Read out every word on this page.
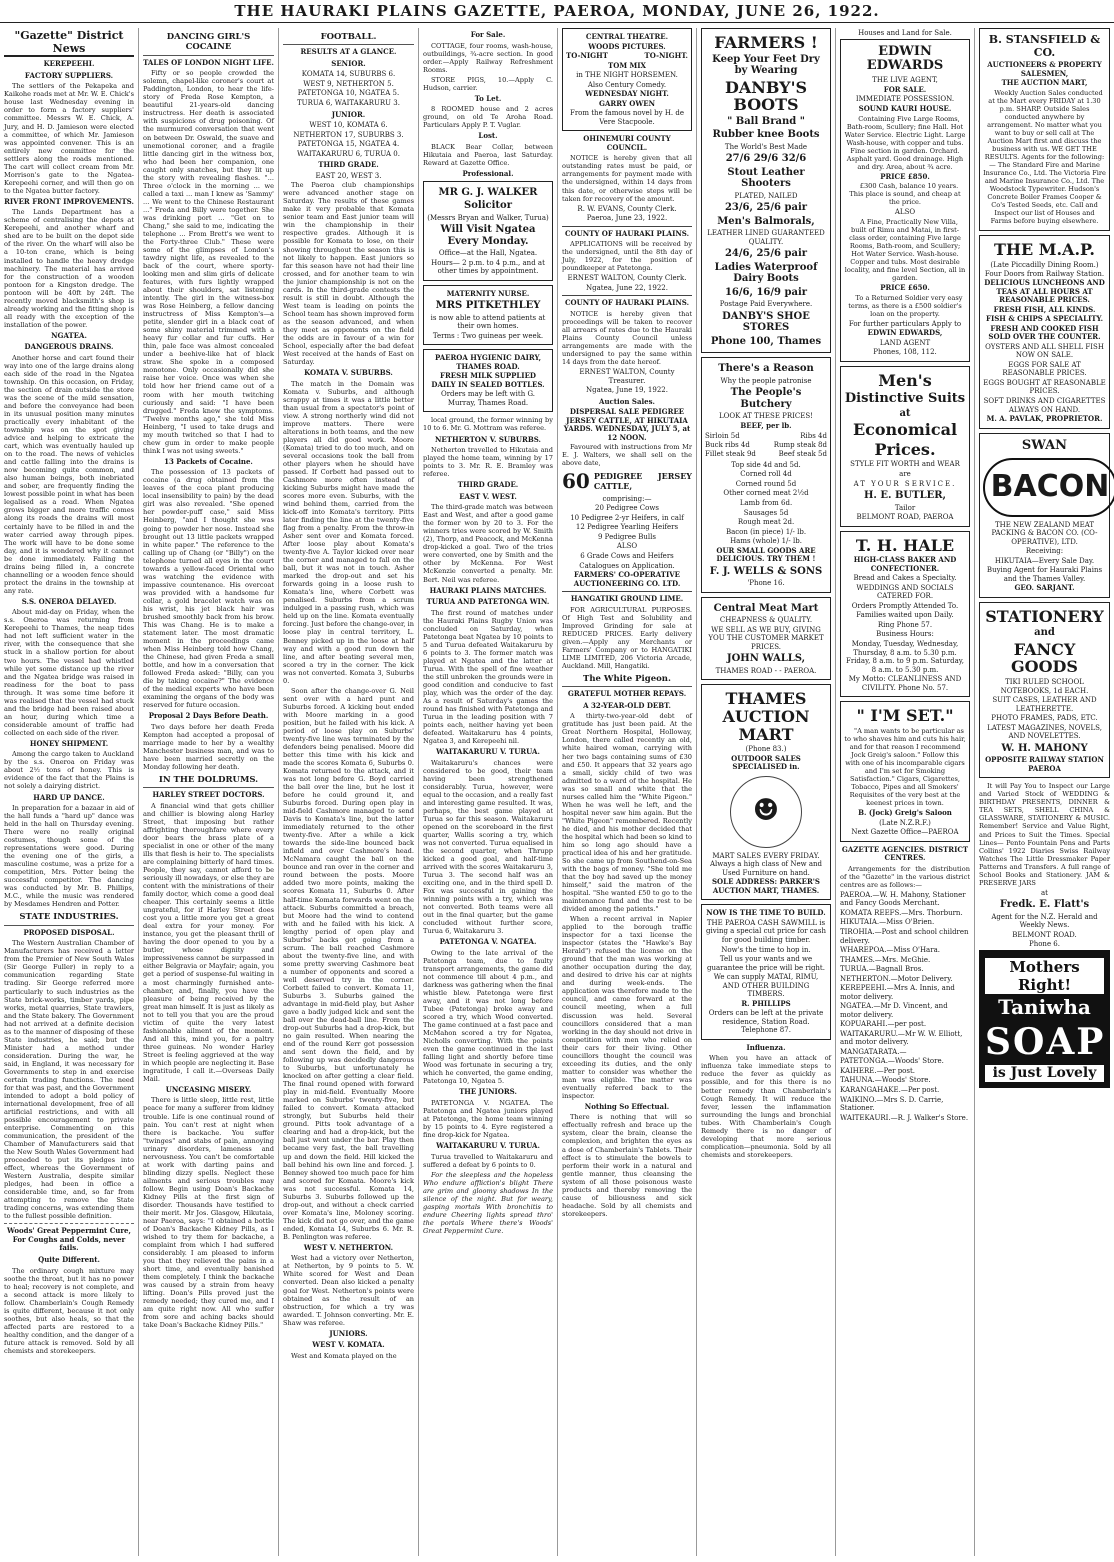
THE HAURAKI PLAINS GAZETTE, PAEROA, MONDAY, JUNE 26, 1922.
"Gazette" District News
KEREPEEHI.
FACTORY SUPPLIERS.

The settlers of the Pekapeka and Kaikohe roads met at Mr. W. E. Chick's house last Wednesday evening in order to form a factory suppliers' committee. Messrs W. E. Chick, A. Jury, and H. D. Jamieson were elected a committee, of which Mr. Jamieson was appointed convener. This is an entirely new committee for the settlers along the roads mentioned. The cart will collect cream from Mr. Morrison's gate to the Ngatea-Kerepeehi corner, and will then go on to the Ngatea butter factory.

RIVER FRONT IMPROVEMENTS.

The Lands Department has a scheme of centralising the depots at Kerepeehi, and another wharf and shed are to be built on the depot side of the river. On the wharf will also be a 10-ton crane, which is being installed to handle the heavy dredge machinery. The material has arrived for the construction of a wooden pontoon for a Kingston dredge. The pontoon will be 40ft by 24ft. The recently moved blacksmith's shop is already working and the fitting shop is all ready with the exception of the installation of the power.

NGATEA.
DANGEROUS DRAINS.

Another horse and cart found their way into one of the large drains along each side of the road in the Ngatea township. On this occasion, on Friday, the section of drain outside the store was the scene of the mild sensation, and before the conveyance had been in its unusual position many minutes practically every inhabitant of the township was on the spot giving advice and helping to extricate the cart, which was eventually hauled up on to the road. The news of vehicles and cattle falling into the drains is now becoming quite common, and also human beings, both inebriated and sober, are frequently finding the lowest possible point in what has been legalised as a road. When Ngatea grows bigger and more traffic comes along its roads the drains will most certainly have to be filled in and the water carried away through pipes. The work will have to be done some day, and it is wondered why it cannot be done immediately. Failing the drains being filled in, a concrete channelling or a wooden fence should protect the drains in the township at any rate.

S.S. ONEROA DELAYED.

About mid-day on Friday, when the s.s. Oneroa was returning from Kerepeehi to Thames, the neap tides had not left sufficient water in the river, with the consequence that she stuck in a shallow portion for about two hours. The vessel had whistled while yet some distance up the river and the Ngatea bridge was raised in readiness for the boat to pass through. It was some time before it was realised that the vessel had stuck and the bridge had been raised about an hour, during which time a considerable amount of traffic had collected on each side of the river.

HONEY SHIPMENT.

Among the cargo taken to Auckland by the s.s. Oneroa on Friday was about 2½ tons of honey. This is evidence of the fact that the Plains is not solely a dairying district.

HARD UP DANCE.

In preparation for a bazaar in aid of the hall funds a "hard up" dance was held in the hall on Thursday evening. There were no really original costumes, though some of the representations were good. During the evening one of the girls, a masculine costume, was a prize for a competition, Mrs. Potter being the successful competitor. The dancing was conducted by Mr. B. Phillips, M.C., while the music was rendered by Mesdames Hendren and Potter.

STATE INDUSTRIES.
PROPOSED DISPOSAL.

The Western Australian Chamber of Manufacturers has received a letter from the Premier of New South Wales (Sir George Fuller) in reply to a communication regarding State trading. Sir George referred more particularly to such industries as the State brick-works, timber yards, pipe works, metal quarries, State trawlers, and the State bakery. The Government had not arrived at a definite decision as to the manner of disposing of these State industries, he said; but the Minister had a method under consideration. During the war, he said, in England, it was necessary for Governments to step in and exercise certain trading functions. The need for that was past, and the Government intended to adopt a bold policy of international development, free of all artificial restrictions, and with all possible encouragement to private enterprise. Commenting on this communication, the president of the Chamber of Manufacturers said that the New South Wales Government had proceeded to put its pledges into effect, whereas the Government of Western Australia, despite similar pledges, had been in office a considerable time, and, so far from attempting to remove the State trading concerns, was extending them to the fullest possible definition.

Woods' Great Peppermint Cure, For Coughs and Colds, never fails.
Quite Different.

The ordinary cough mixture may soothe the throat, but it has no power to heal; recovery is not complete, and a second attack is more likely to follow. Chamberlain's Cough Remedy is quite different, because it not only soothes, but also heals, so that the affected parts are restored to a healthy condition, and the danger of a future attack is removed. Sold by all chemists and storekeepers.

DANCING GIRL'S COCAINE
TALES OF LONDON NIGHT LIFE.

Fifty or so people crowded the solemn, chapel-like coroner's court at Paddington, London, to hear the life-story of Freda Rose Kempton, a beautiful 21-years-old dancing instructress. Her death is associated with suspicions of drug poisoning. Of the murmured conversation that went on between Dr. Oswald, the suave and unemotional coroner, and a fragile little dancing girl in the witness box, who had been her companion, one caught only snatches, but they lit up the story with revealing flashes. "... Three o'clock in the morning ... we called a taxi ... man I knew as 'Sammy' ... We went to the Chinese Restaurant ..." Freda and Billy were together. She was drinking port ... "Get on to Chang," she said to me, indicating the telephone ... From Brett's we went to the Forty-three Club." These were some of the glimpses of London's tawdry night life, as revealed to the back of the court, where sporty-looking men and slim girls of delicate features, with furs lightly wrapped about their shoulders, sat listening intently. The girl in the witness-box was Rose Heinberg, a fellow dancing instructress of Miss Kempton's—a petite, slender girl in a black coat of some shiny material trimmed with a heavy fur collar and fur cuffs. Her thin, pale face was almost concealed under a beehive-like hat of black straw. She spoke in a composed monotone. Only occasionally did she raise her voice. Once was when she told how her friend came out of a room with her mouth twitching curiously and said: "I have been drugged." Freda knew the symptoms. "Twelve months ago," she told Miss Heinberg, "I used to take drugs and my mouth twitched so that I had to chew gum in order to make people think I was not using sweets."

13 Packets of Cocaine.

The possession of 13 packets of cocaine (a drug obtained from the leaves of the coca plant producing local insensibility to pain) by the dead girl was also revealed. "She opened her powder-puff case," said Miss Heinberg, "and I thought she was going to powder her nose. Instead she brought out 13 little packets wrapped in white paper." The reference to the calling up of Chang (or "Billy") on the telephone turned all eyes in the court towards a yellow-faced Oriental who was watching the evidence with impassive countenance. His overcoat was provided with a handsome fur collar, a gold bracelet watch was on his wrist, his jet black hair was brushed smoothly back from his brow. This was Chang. He is to make a statement later. The most dramatic moment in the proceedings came when Miss Heinberg told how Chang, the Chinese, had given Freda a small bottle, and how in a conversation that followed Freda asked: "Billy, can you die by taking cocaine?" The evidence of the medical experts who have been examining the organs of the body was reserved for future occasion.

Proposal 2 Days Before Death.

Two days before her death Freda Kempton had accepted a proposal of marriage made to her by a wealthy Manchester business man, and was to have been married secretly on the Monday following her death.

IN THE DOLDRUMS.
HARLEY STREET DOCTORS.

A financial wind that gets chillier and chillier is blowing along Harley Street, that imposing but rather affrighting thoroughfare where every door bears the brass plate of a specialist in one or other of the many ills that flesh is heir to. The specialists are complaining bitterly of hard times. People, they say, cannot afford to be seriously ill nowadays, or else they are content with the ministrations of their family doctor, which come a good deal cheaper. This certainly seems a little ungrateful, for if Harley Street does cost you a little more you get a great deal extra for your money. For instance, you get the pleasant thrill of having the door opened to you by a butler, whose dignity and impressiveness cannot be surpassed in either Belgravia or Mayfair; again, you get a period of suspense-ful waiting in a most charmingly furnished ante-chamber, and, finally, you have the pleasure of being received by the great man himself. It is just as likely as not to tell you that you are the proud victim of quite the very latest fashionable ailment of the moment. And all this, mind you, for a paltry three guineas. No wonder Harley Street is feeling aggrieved at the way in which people are neglecting it. Base ingratitude, I call it.—Overseas Daily Mail.

UNCEASING MISERY.

There is little sleep, little rest, little peace for many a sufferer from kidney trouble. Life is one continual round of pain. You can't rest at night when there is backache. You suffer "twinges" and stabs of pain, annoying urinary disorders, lameness and nervousness. You can't be comfortable at work with darting pains and blinding dizzy spells. Neglect these ailments and serious troubles may follow. Begin using Doan's Backache Kidney Pills at the first sign of disorder. Thousands have testified to their merit. Mr Jos. Glasgow, Hikutaia, near Paeroa, says: "I obtained a bottle of Doan's Backache Kidney Pills, as I wished to try them for backache, a complaint from which I had suffered considerably. I am pleased to inform you that they relieved the pains in a short time, and eventually banished them completely. I think the backache was caused by a strain from heavy lifting. Doan's Pills proved just the remedy needed; they cured me, and I am quite right now. All who suffer from sore and aching backs should take Doan's Backache Kidney Pills."

FOOTBALL.
RESULTS AT A GLANCE.
SENIOR.
KOMATA 14, SUBURBS 6.
WEST 9, NETHERTON 5.
PATETONGA 10, NGATEA 5.
TURUA 6, WAITAKARURU 3.
JUNIOR.
WEST 10, KOMATA 6.
NETHERTON 17, SUBURBS 3.
PATETONGA 15, NGATEA 4.
WAITAKARURU 6, TURUA 0.
THIRD GRADE.
EAST 20, WEST 3.

The Paeroa club championships were advanced another stage on Saturday. The results of these games make it very probable that Komata senior team and East junior team will win the championship in their respective grades. Although it is possible for Komata to lose, on their showing throughout the season this is not likely to happen. East juniors so far this season have not had their line crossed, and for another team to win the junior championship is not on the cards. In the third-grade contests the result is still in doubt. Although the West team is leading on points the School team has shown improved form as the season advanced, and when they meet as opponents on the field the odds are in favour of a win for School, especially after the bad defeat West received at the hands of East on Saturday.

KOMATA V. SUBURBS.

The match in the Domain was Komata v. Suburbs, and although scrappy at times it was a little better than usual from a spectator's point of view. A strong northerly wind did not improve matters. There were alterations in both teams, and the new players all did good work. Moore (Komata) tried to do too much, and on several occasions took the ball from other players when he should have passed. If Corbett had passed out to Cashmore more often instead of kicking Suburbs might have made the scores more even. Suburbs, with the wind behind them, carried from the kick-off into Komata's territory. Pitts later finding the line at the twenty-five flag from a penalty. From the throw-in Asher sent over and Komata forced. After loose play about Komata's twenty-five A. Taylor kicked over near the corner and managed to fall on the ball, but it was not in touch. Asher marked the drop-out and set his forwards going in a loose rush to Komata's line, where Corbett was penalised. Suburbs from a scrum indulged in a passing rush, which was held up on the line. Komata eventually forcing. Just before the change-over, in loose play in central territory, L. Benney picked up in the loose at half way and with a good run down the line, and after beating several men, scored a try in the corner. The kick was not converted. Komata 3, Suburbs 0.

Soon after the change-over G. Neil sent over with a hard punt and Suburbs forced. A kicking bout ended with Moore marking in a good position, but he failed with his kick. A period of loose play on Suburbs' twenty-five line was terminated by the defenders being penalised. Moore did better this time with his kick and made the scores Komata 6, Suburbs 0. Komata returned to the attack, and it was not long before G. Boyd carried the ball over the line, but he lost it before he could ground it, and Suburbs forced. During open play in mid-field Cashmore managed to send Davis to Komata's line, but the latter immediately returned to the other twenty-five. After a while a kick towards the side-line bounced back infield and over Cashmore's head. McNamara caught the ball on the bounce and ran over in the corner and round between the posts. Moore added two more points, making the scores Komata 11, Suburbs 0. After half-time Komata forwards went on the attack. Suburbs committed a breach, but Moore had the wind to contend with and he failed with his kick. A lengthy period of open play and Suburbs' backs got going from a scrum. The ball reached Cashmore about the twenty-five line, and with some pretty swerving Cashmore beat a number of opponents and scored a well deserved try in the corner. Corbett failed to convert. Komata 11, Suburbs 3. Suburbs gained the advantage in mid-field play, but Asher gave a badly judged kick and sent the ball over the dead-ball line. From the drop-out Suburbs had a drop-kick, but no gain resulted. When nearing the end of the round Kerr got possession and sent down the field, and by following up was decidedly dangerous to Suburbs, but unfortunately he knocked on after getting a clear field. The final round opened with forward play in mid-field. Eventually Moore marked on Suburbs' twenty-five, but failed to convert. Komata attacked strongly, but Suburbs held their ground. Pitts took advantage of a clearing and had a drop-kick, but the ball just went under the bar. Play then became very fast, the ball travelling up and down the field. Hill kicked the ball behind his own line and forced. J. Benney showed too much pace for him and scored for Komata. Moore's kick was not successful. Komata 14, Suburbs 3. Suburbs followed up the drop-out, and without a check carried over Komata's line, Moloney scoring. The kick did not go over, and the game ended, Komata 14, Suburbs 6. Mr. R. B. Penlington was referee.

WEST V. NETHERTON.

West had a victory over Netherton, at Netherton, by 9 points to 5. W. White scored for West and Dean converted. Dean also kicked a penalty goal for West. Netherton's points were obtained as the result of an obstruction, for which a try was awarded. T. Johnson converting. Mr. E. Shaw was referee.

JUNIORS.
WEST V. KOMATA.

West and Komata played on the

For Sale.

COTTAGE, four rooms, wash-house, outbuildings, ¾-acre section. In good order.—Apply Railway Refreshment Rooms.

STORE PIGS, 10.—Apply C. Hudson, carrier.

To Let.

8 ROOMED house and 2 acres ground, on old Te Aroha Road. Particulars Apply P. T. Vuglar.

Lost.

BLACK Bear Collar, between Hikutaia and Paeroa, last Saturday. Reward at Gazette Office.

Professional.
MR G. J. WALKER
Solicitor
(Messrs Bryan and Walker, Turua)
Will Visit Ngatea Every Monday.
Office—at the Hall, Ngatea.
Hours— 2 p.m. to 4 p.m., and at other times by appointment.
MATERNITY NURSE.
MRS PITKETHLEY
is now able to attend patients at their own homes.
Terms : Two guineas per week.
PAEROA HYGIENIC DAIRY, THAMES ROAD.
FRESH MILK SUPPLIED DAILY IN SEALED BOTTLES.
Orders may be left with G. Murray, Thames Road.

local ground, the former winning by 10 to 6. Mr. G. Mottram was referee.

NETHERTON V. SUBURBS.

Netherton travelled to Hikutaia and played the home team, winning by 17 points to 3. Mr. R. E. Bramley was referee.

THIRD GRADE.
EAST V. WEST.

The third-grade match was between East and West, and after a good game the former won by 20 to 3. For the winners tries were scored by W. Smith (2), Thorp, and Peacock, and McKenna drop-kicked a goal. Two of the tries were converted, one by Smith and the other by McKenna. For West McKenzie converted a penalty. Mr. Bert. Neil was referee.

HAURAKI PLAINS MATCHES.
TURUA AND PATETONGA WIN.

The first round of matches under the Hauraki Plains Rugby Union was concluded on Saturday, when Patetonga beat Ngatea by 10 points to 5 and Turua defeated Waitakaruru by 6 points to 3. The former match was played at Ngatea and the latter at Turua. With the spell of fine weather the still unbroken the grounds were in good condition and conducive to fast play, which was the order of the day. As a result of Saturday's games the round has finished with Patetonga and Turua in the leading position with 7 points each, neither having yet been defeated. Waitakaruru has 4 points, Ngatea 3, and Kerepeehi nil.

WAITAKARURU V. TURUA.

Waitakaruru's chances were considered to be good, their team having been strengthened considerably. Turua, however, were equal to the occasion, and a really fast and interesting game resulted. It was, perhaps, the best game played at Turua so far this season. Waitakaruru opened on the scoreboard in the first quarter, Wallis scoring a try, which was not converted. Turua equalised in the second quarter, when Thrupp kicked a good goal, and half-time arrived with the scores Waitakaruru 3, Turua 3. The second half was an exciting one, and in the third spell D. Fox was successful in gaining the winning points with a try, which was not converted. Both teams were all out in the final quarter, but the game concluded without further score, Turua 6, Waitakaruru 3.

PATETONGA V. NGATEA.

Owing to the late arrival of the Patetonga team, due to faulty transport arrangements, the game did not commence till about 4 p.m., and darkness was gathering when the final whistle blew. Patetonga were first away, and it was not long before Tubee (Patetonga) broke away and scored a try, which Wood converted. The game continued at a fast pace and McMahon scored a try for Ngatea, Nicholls converting. With the points even the game continued in the last falling light and shortly before time Wood was fortunate in securing a try, which he converted, the game ending, Patetonga 10, Ngatea 5.

THE JUNIORS.

PATETONGA V. NGATEA. The Patetonga and Ngatea juniors played at Patetonga, the home team winning by 15 points to 4. Eyre registered a fine drop-kick for Ngatea.

WAITAKARURU V. TURUA.

Turua travelled to Waitakaruru and suffered a defeat by 6 points to 0.

For the sleepless and the hopeless Who endure affliction's blight There are grim and gloomy shadows In the silence of the night. But for weary, gasping mortals With bronchitis to endure Cheering lights spread thro' the portals Where there's Woods' Great Peppermint Cure.

CENTRAL THEATRE.
WOODS PICTURES.
TO-NIGHT	TO-NIGHT.
TOM MIX
in THE NIGHT HORSEMEN.
Also Century Comedy.
WEDNESDAY NIGHT.
GARRY OWEN
From the famous novel by H. de Vere Stacpoole.
OHINEMURI COUNTY COUNCIL.

NOTICE is hereby given that all outstanding rates must be paid, or arrangements for payment made with the undersigned, within 14 days from this date, or otherwise steps will be taken for recovery of the amount.

R. W. EVANS, County Clerk.
Paeroa, June 23, 1922.
COUNTY OF HAURAKI PLAINS.

APPLICATIONS will be received by the undersigned, until the 8th day of July, 1922, for the position of poundkeeper at Patetonga.

ERNEST WALTON, County Clerk.
Ngatea, June 22, 1922.
COUNTY OF HAURAKI PLAINS.

NOTICE is hereby given that proceedings will be taken to recover all arrears of rates due to the Hauraki Plains County Council unless arrangements are made with the undersigned to pay the same within 14 days from the date hereof.

ERNEST WALTON, County Treasurer.
Ngatea, June 19, 1922.
Auction Sales.
DISPERSAL SALE PEDIGREE JERSEY CATTLE, AT HIKUTAIA YARDS. WEDNESDAY, JULY 5, at 12 NOON.

Favoured with instructions from Mr E. J. Walters, we shall sell on the above date,

60 PEDIGREE JERSEY CATTLE,
comprising:—
20 Pedigree Cows
10 Pedigree 2-yr Heifers, in calf
12 Pedigree Yearling Heifers
9 Pedigree Bulls
ALSO
6 Grade Cows and Heifers
Catalogues on Application.
FARMERS' CO-OPERATIVE AUCTIONEERING CO. LTD.
HANGATIKI GROUND LIME.

FOR AGRICULTURAL PURPOSES. Of High Test and Solubility and Improved Grinding for sale at REDUCED PRICES. Early delivery given.—Apply any Merchants or Farmers' Company or to HANGATIKI LIME LIMITED, 206 Victoria Arcade, Auckland. Mill, Hangatiki.

The White Pigeon.
GRATEFUL MOTHER REPAYS.
A 32-YEAR-OLD DEBT.

A thirty-two-year-old debt of gratitude has just been paid. At the Great Northern Hospital, Holloway, London, there called recently an old, white haired woman, carrying with her two bags containing sums of £30 and £50. It appears that 32 years ago a small, sickly child of two was admitted to a ward of the hospital. He was so small and white that the nurses called him the "White Pigeon." When he was well he left, and the hospital never saw him again. But the "White Pigeon" remembered. Recently he died, and his mother decided that the hospital which had been so kind to him so long ago should have a practical idea of his and her gratitude. So she came up from Southend-on-Sea with the bags of money. "She told me that the boy had saved up the money himself," said the matron of the hospital. "She wanted £50 to go to the maintenance fund and the rest to be divided among the patients."

When a recent arrival in Napier applied to the borough traffic inspector for a taxi license the inspector (states the "Hawke's Bay Herald") refused the license on the ground that the man was working at another occupation during the day, and desired to drive his car at nights and during week-ends. The application was therefore made to the council, and came forward at the council meeting, when a full discussion was held. Several councillors considered that a man working in the day should not drive in competition with men who relied on their cars for their living. Other councillors thought the council was exceeding its duties, and the only matter to consider was whether the man was eligible. The matter was eventually referred back to the inspector.

Nothing So Effectual.

There is nothing that will so effectually refresh and brace up the system, clear the brain, cleanse the complexion, and brighten the eyes as a dose of Chamberlain's Tablets. Their effect is to stimulate the bowels to perform their work in a natural and gentle manner, thus cleansing the system of all those poisonous waste products and thereby removing the cause of biliousness and sick headache. Sold by all chemists and storekeepers.

FARMERS !
Keep Your Feet Dry by Wearing
DANBY'S BOOTS
" Ball Brand "
Rubber knee Boots
The World's Best Made
27/6 29/6 32/6
Stout Leather Shooters
PLATED, NAILED
23/6, 25/6 pair
Men's Balmorals,
LEATHER LINED GUARANTEED QUALITY.
24/6, 25/6 pair
Ladies Waterproof Dairy Boots
16/6, 16/9 pair
Postage Paid Everywhere.
DANBY'S SHOE STORES
Phone 100, Thames
There's a Reason
Why the people patronise
The People's Butchery
LOOK AT THESE PRICES!
BEEF, per lb.
Sirloin 5d	Ribs 4d
Buck ribs 4d	Rump steak 8d
Fillet steak 9d	Beef steak 5d
Top side 4d and 5d.
Corned roll 4d
Corned round 5d
Other corned meat 2½d
Lamb from 6d.
Sausages 5d
Rough meat 2d.
Bacon (in piece) 1/- lb.
Hams (whole) 1/- lb.
OUR SMALL GOODS ARE DELICIOUS. TRY THEM !
F. J. WELLS & SONS
'Phone 16.
Central Meat Mart
CHEAPNESS & QUALITY.
WE SELL AS WE BUY, GIVING YOU THE CUSTOMER MARKET PRICES.
JOHN WALLS,
THAMES ROAD - - PAEROA.
THAMES AUCTION MART
(Phone 83.)
OUTDOOR SALES SPECIALISED in.
☻
MART SALES EVERY FRIDAY. Always a high class of New and Used Furniture on hand.
SOLE ADDRESS: PARKER'S AUCTION MART, THAMES.
NOW IS THE TIME TO BUILD.
THE PAEROA CASH SAWMILL is giving a special cut price for cash for good building timber.
Now's the time to hop in.
Tell us your wants and we guarantee the price will be right.
We can supply MATAI, RIMU, AND OTHER BUILDING TIMBERS.
R. PHILLIPS
Orders can be left at the private residence, Station Road. Telephone 87.
Influenza.

When you have an attack of influenza take immediate steps to reduce the fever as quickly as possible, and for this there is no better remedy than Chamberlain's Cough Remedy. It will reduce the fever, lessen the inflammation surrounding the lungs and bronchial tubes. With Chamberlain's Cough Remedy there is no danger of developing that more serious complication—pneumonia. Sold by all chemists and storekeepers.

Houses and Land for Sale.
EDWIN EDWARDS
THE LIVE AGENT,
FOR SALE.
IMMEDIATE POSSESSION.
SOUND KAURI HOUSE.

Containing Five Large Rooms, Bath-room, Scullery; fine Hall. Hot Water Service. Electric Light. Large Wash-house, with copper and tubs. Fine section in garden. Orchard. Asphalt yard. Good drainage. High and dry. Area, about ¾ acre.

PRICE £850.

£300 Cash, balance 10 years. This place is sound, and cheap at the price.

ALSO

A Fine, Practically New Villa, built of Rimu and Matai, in first-class order, containing Five large Rooms, Bath-room, and Scullery; Hot Water Service. Wash-house. Copper and tubs. Most desirable locality, and fine level Section, all in garden.

PRICE £650.

To a Returned Soldier very easy terms, as there is a £500 soldier's loan on the property.

For further particulars Apply to
EDWIN EDWARDS,
LAND AGENT
Phones, 108, 112.
Men's
Distinctive Suits
at
Economical
Prices.
STYLE FIT WORTH and WEAR
are
AT YOUR SERVICE.
H. E. BUTLER,
Tailor
BELMONT ROAD, PAEROA
T. H. HALE
HIGH-CLASS BAKER AND CONFECTIONER.
Bread and Cakes a Specialty.
WEDDINGS AND SOCIALS CATERED FOR.
Orders Promptly Attended To.
Families waited upon Daily.
Ring Phone 57.
Business Hours:
Monday, Tuesday, Wednesday, Thursday, 8 a.m. to 5.30 p.m. Friday, 8 a.m. to 9 p.m. Saturday, 8 a.m. to 5.30 p.m.
My Motto: CLEANLINESS AND CIVILITY. Phone No. 57.
" I'M SET."

"A man wants to be particular as to who shaves him and cuts his hair, and for that reason I recommend Jock Greig's saloon." Follow this with one of his incomparable cigars and I'm set for Smoking Satisfaction." Cigars, Cigarettes, Tobacco, Pipes and all Smokers' Requisites of the very best at the keenest prices in town.

B. (Jock) Greig's Saloon
(Late N.Z.R.F.)
Next Gazette Office—PAEROA
GAZETTE AGENCIES. DISTRICT CENTRES.

Arrangements for the distribution of the "Gazette" in the various district centres are as follows:—

PAEROA.—W. H. Mahony, Stationer and Fancy Goods Merchant.
KOMATA REEFS.—Mrs. Thorburn.
HIKUTAIA.—Miss O'Brien.
TIROHIA.—Post and school children delivery.
WHAREPOA.—Miss O'Hara.
THAMES.—Mrs. McGhie.
TURUA.—Bagnall Bros.
NETHERTON.—Motor Delivery.
KEREPEEHI.—Mrs A. Innis, and motor delivery.
NGATEA.—Mr D. Vincent, and motor delivery.
KOPUARAHI.—per post.
WAITAKARURU.—Mr W. W. Elliott, and motor delivery.
MANGATARATA.—
PATETONGA.—Woods' Store.
KAIHERE.—Per post.
TAHUNA.—Woods' Store.
KARANGAHAKE.—Per post.
WAIKINO.—Mrs S. D. Carrie, Stationer.
WAITEKAURI.—R. J. Walker's Store.
B. STANSFIELD & CO.
AUCTIONEERS & PROPERTY SALESMEN,
THE AUCTION MART,

Weekly Auction Sales conducted at the Mart every FRIDAY at 1.30 p.m. SHARP. Outside Sales conducted anywhere by arrangement. No matter what you want to buy or sell call at The Auction Mart first and discuss the business with us. WE GET THE RESULTS. Agents for the following:— The Standard Fire and Marine Insurance Co., Ltd. The Victoria Fire and Marine Insurance Co., Ltd. The Woodstock Typewriter. Hudson's Concrete Boiler Frames Cooper & Co's Tested Seeds, etc. Call and Inspect our list of Houses and Farms before buying elsewhere.

THE M.A.P.
(Late Piccadilly Dining Room.) Four Doors from Railway Station.
DELICIOUS LUNCHEONS AND TEAS AT ALL HOURS AT REASONABLE PRICES.
FRESH FISH, ALL KINDS.
FISH & CHIPS A SPECIALITY.
FRESH AND COOKED FISH SOLD OVER THE COUNTER.
OYSTERS AND ALL SHELL FISH NOW ON SALE.
EGGS FOR SALE AT REASONABLE PRICES.
EGGS BOUGHT AT REASONABLE PRICES.
SOFT DRINKS AND CIGARETTES ALWAYS ON HAND.
M. A. PAVLAK, PROPRIETOR.
SWAN
BACON
THE NEW ZEALAND MEAT PACKING & BACON CO. (CO-OPERATIVE), LTD.
Receiving:
HIKUTAIA—Every Sale Day.
Buying Agent for Hauraki Plains and the Thames Valley.
GEO. SARJANT.
STATIONERY
and
FANCY GOODS
TIKI RULED SCHOOL NOTEBOOKS, 1d EACH.
SUIT CASES, LEATHER AND LEATHERETTE.
PHOTO FRAMES, PADS, ETC.
LATEST MAGAZINES, NOVELS, AND NOVELETTES.
W. H. MAHONY
OPPOSITE RAILWAY STATION PAEROA

It will Pay You to Inspect our Large and Varied Stock of WEDDING & BIRTHDAY PRESENTS, DINNER & TEA SETS, SHELL CHINA & GLASSWARE, STATIONERY & MUSIC. Remember! Service and Value Right, and Prices to Suit the Times. Special Lines— Pento Fountain Pens and Parts Collins' 1922 Diaries Swiss Railway Watches The Little Dressmaker Paper Patterns and Transfers. A full range of School Books and Stationery. JAM & PRESERVE JARS

at
Fredk. E. Flatt's
Agent for the N.Z. Herald and Weekly News.
BELMONT ROAD.
Phone 6.
Mothers Right!
Taniwha
SOAP
is Just Lovely
